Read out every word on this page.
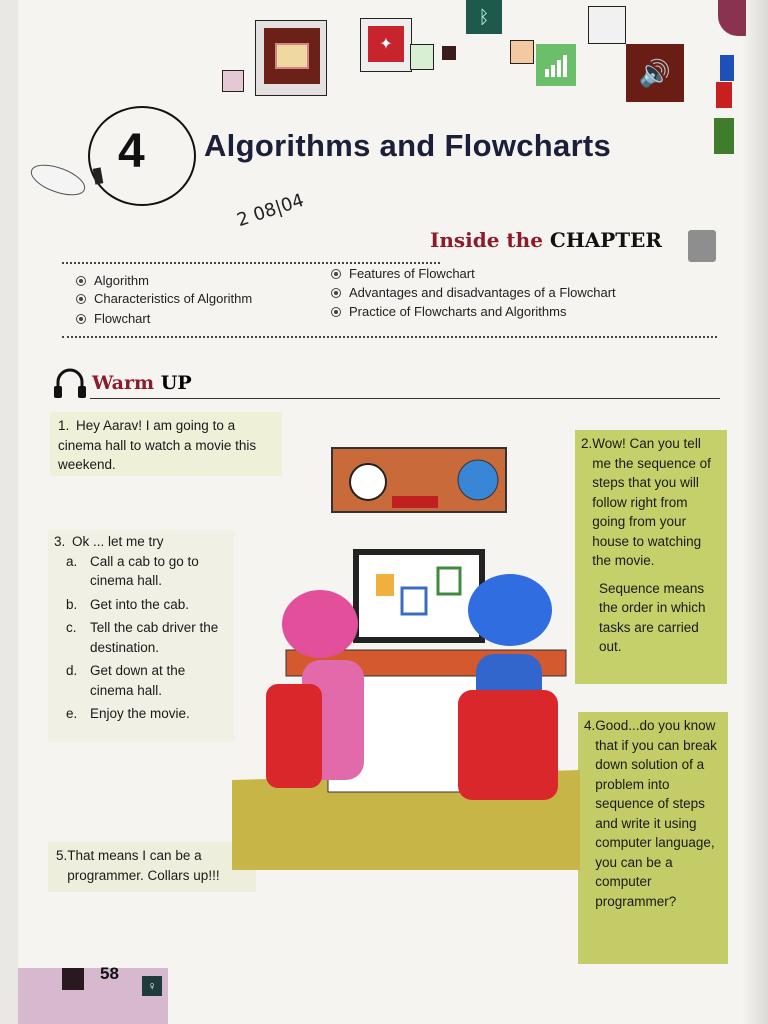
✦
ᛒ
🔊
4 Algorithms and Flowcharts
2 08|04
Inside the CHAPTER
Algorithm
Characteristics of Algorithm
Flowchart
Features of Flowchart
Advantages and disadvantages of a Flowchart
Practice of Flowcharts and Algorithms
Warm UP
1. Hey Aarav! I am going to a cinema hall to watch a movie this weekend.
3. Ok ... let me try
a. Call a cab to go to cinema hall.
b. Get into the cab.
c. Tell the cab driver the destination.
d. Get down at the cinema hall.
e. Enjoy the movie.
2. Wow! Can you tell me the sequence of steps that you will follow right from going from your house to watching the movie.
Sequence means the order in which tasks are carried out.
4. Good...do you know that if you can break down solution of a problem into sequence of steps and write it using computer language, you can be a computer programmer?
5. That means I can be a programmer. Collars up!!!
♀
58
